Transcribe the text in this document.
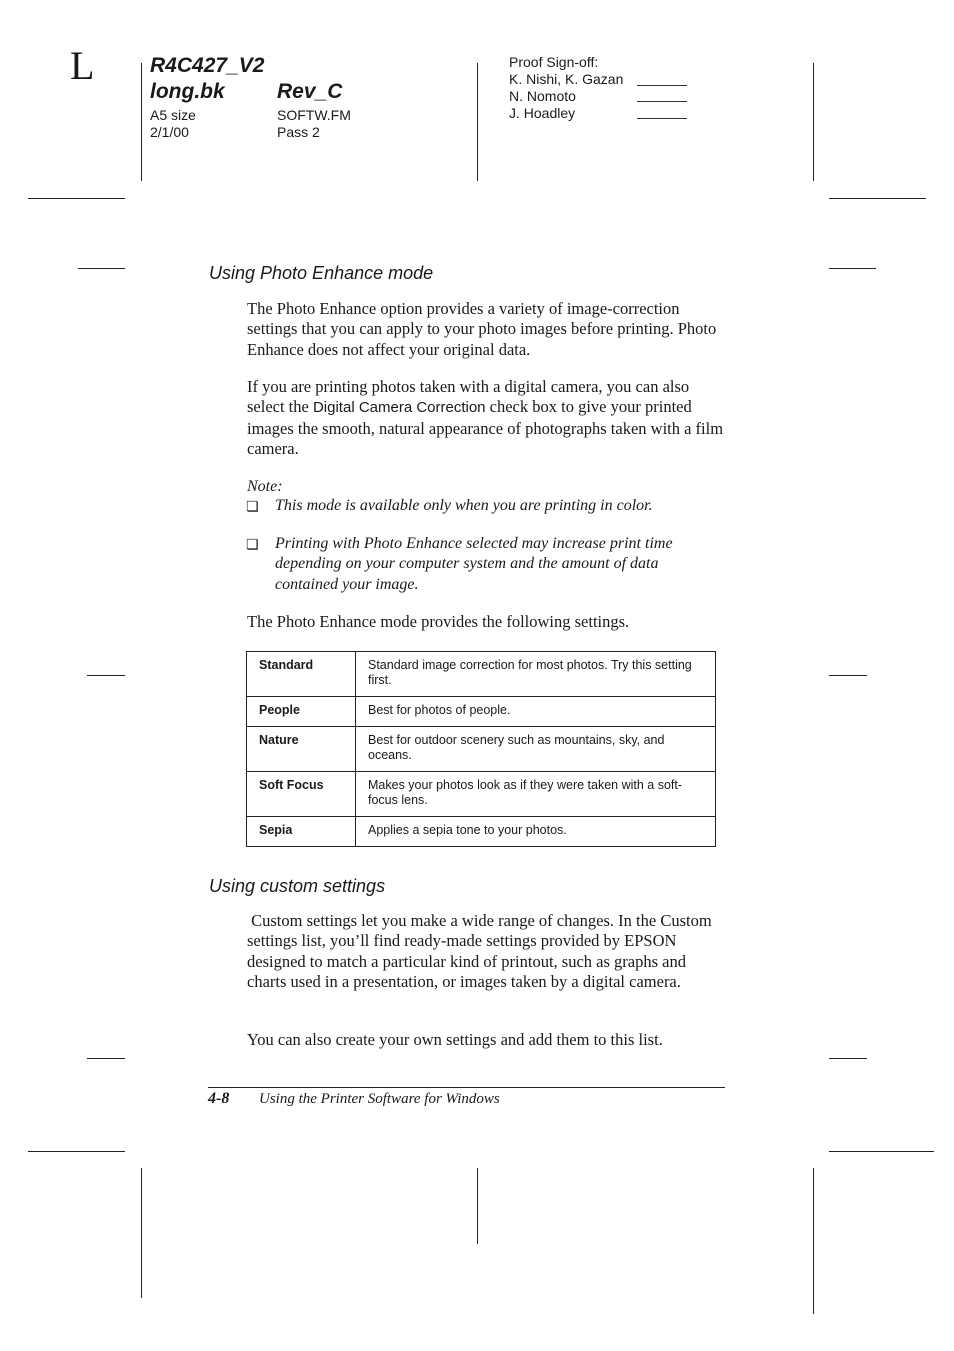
L	R4C427_V2
long.bk Rev_C
A5 size
2/1/00
SOFTW.FM
Pass 2
Proof Sign-off:
K. Nishi, K. Gazan
N. Nomoto
J. Hoadley
Using Photo Enhance mode
The Photo Enhance option provides a variety of image-correction settings that you can apply to your photo images before printing. Photo Enhance does not affect your original data.
If you are printing photos taken with a digital camera, you can also select the Digital Camera Correction check box to give your printed images the smooth, natural appearance of photographs taken with a film camera.
Note:
❏ This mode is available only when you are printing in color.
❏ Printing with Photo Enhance selected may increase print time depending on your computer system and the amount of data contained your image.
The Photo Enhance mode provides the following settings.
Standard	Standard image correction for most photos. Try this setting first.
People	Best for photos of people.
Nature	Best for outdoor scenery such as mountains, sky, and oceans.
Soft Focus	Makes your photos look as if they were taken with a soft-focus lens.
Sepia	Applies a sepia tone to your photos.
Using custom settings
Custom settings let you make a wide range of changes. In the Custom settings list, you’ll find ready-made settings provided by EPSON designed to match a particular kind of printout, such as graphs and charts used in a presentation, or images taken by a digital camera.
You can also create your own settings and add them to this list.
4-8 Using the Printer Software for Windows
